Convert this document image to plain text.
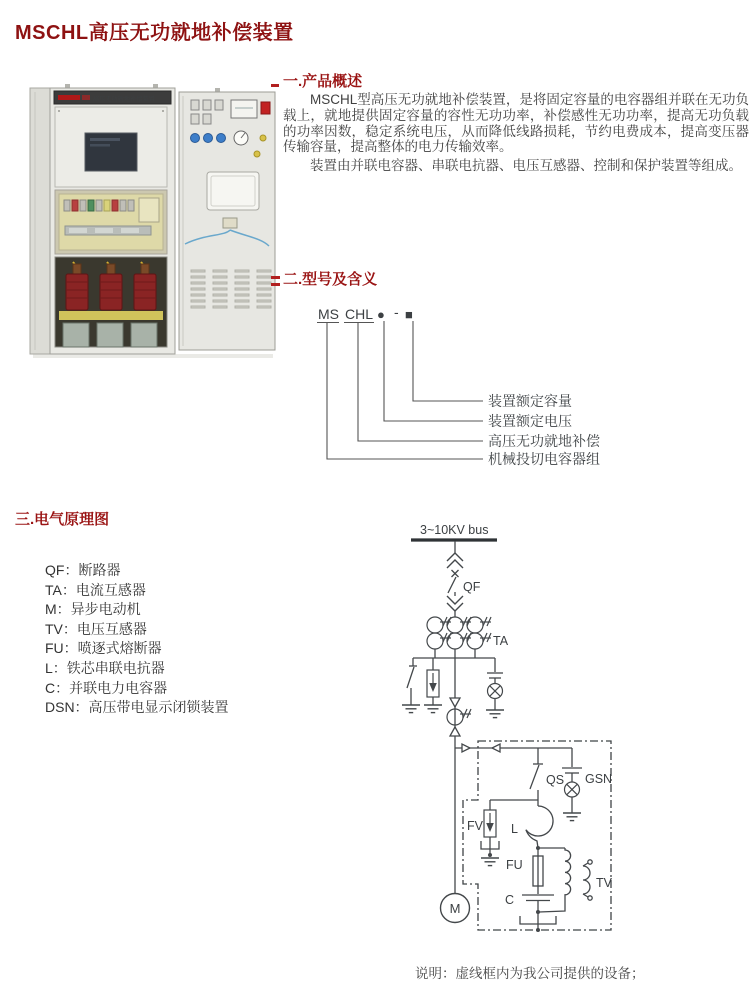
MSCHL高压无功就地补偿装置
高压无功就地补偿装置
一.产品概述

MSCHL型高压无功就地补偿装置，是将固定容量的电容器组并联在无功负载上，就地提供固定容量的容性无功功率，补偿感性无功功率，提高无功负载的功率因数，稳定系统电压，从而降低线路损耗，节约电费成本，提高变压器传输容量，提高整体的电力传输效率。

装置由并联电容器、串联电抗器、电压互感器、控制和保护装置等组成。

二.型号及含义
MS CHL ● - ■
装置额定容量
装置额定电压
高压无功就地补偿
机械投切电容器组
三.电气原理图
QF：断路器
TA：电流互感器
M：异步电动机
TV：电压互感器
FU：喷逐式熔断器
L：铁芯串联电抗器
C：并联电力电容器
DSN：高压带电显示闭锁装置
3~10KV bus
QF
TA
QS GSN
FV L
FU
C
TV
M
说明：虚线框内为我公司提供的设备；
